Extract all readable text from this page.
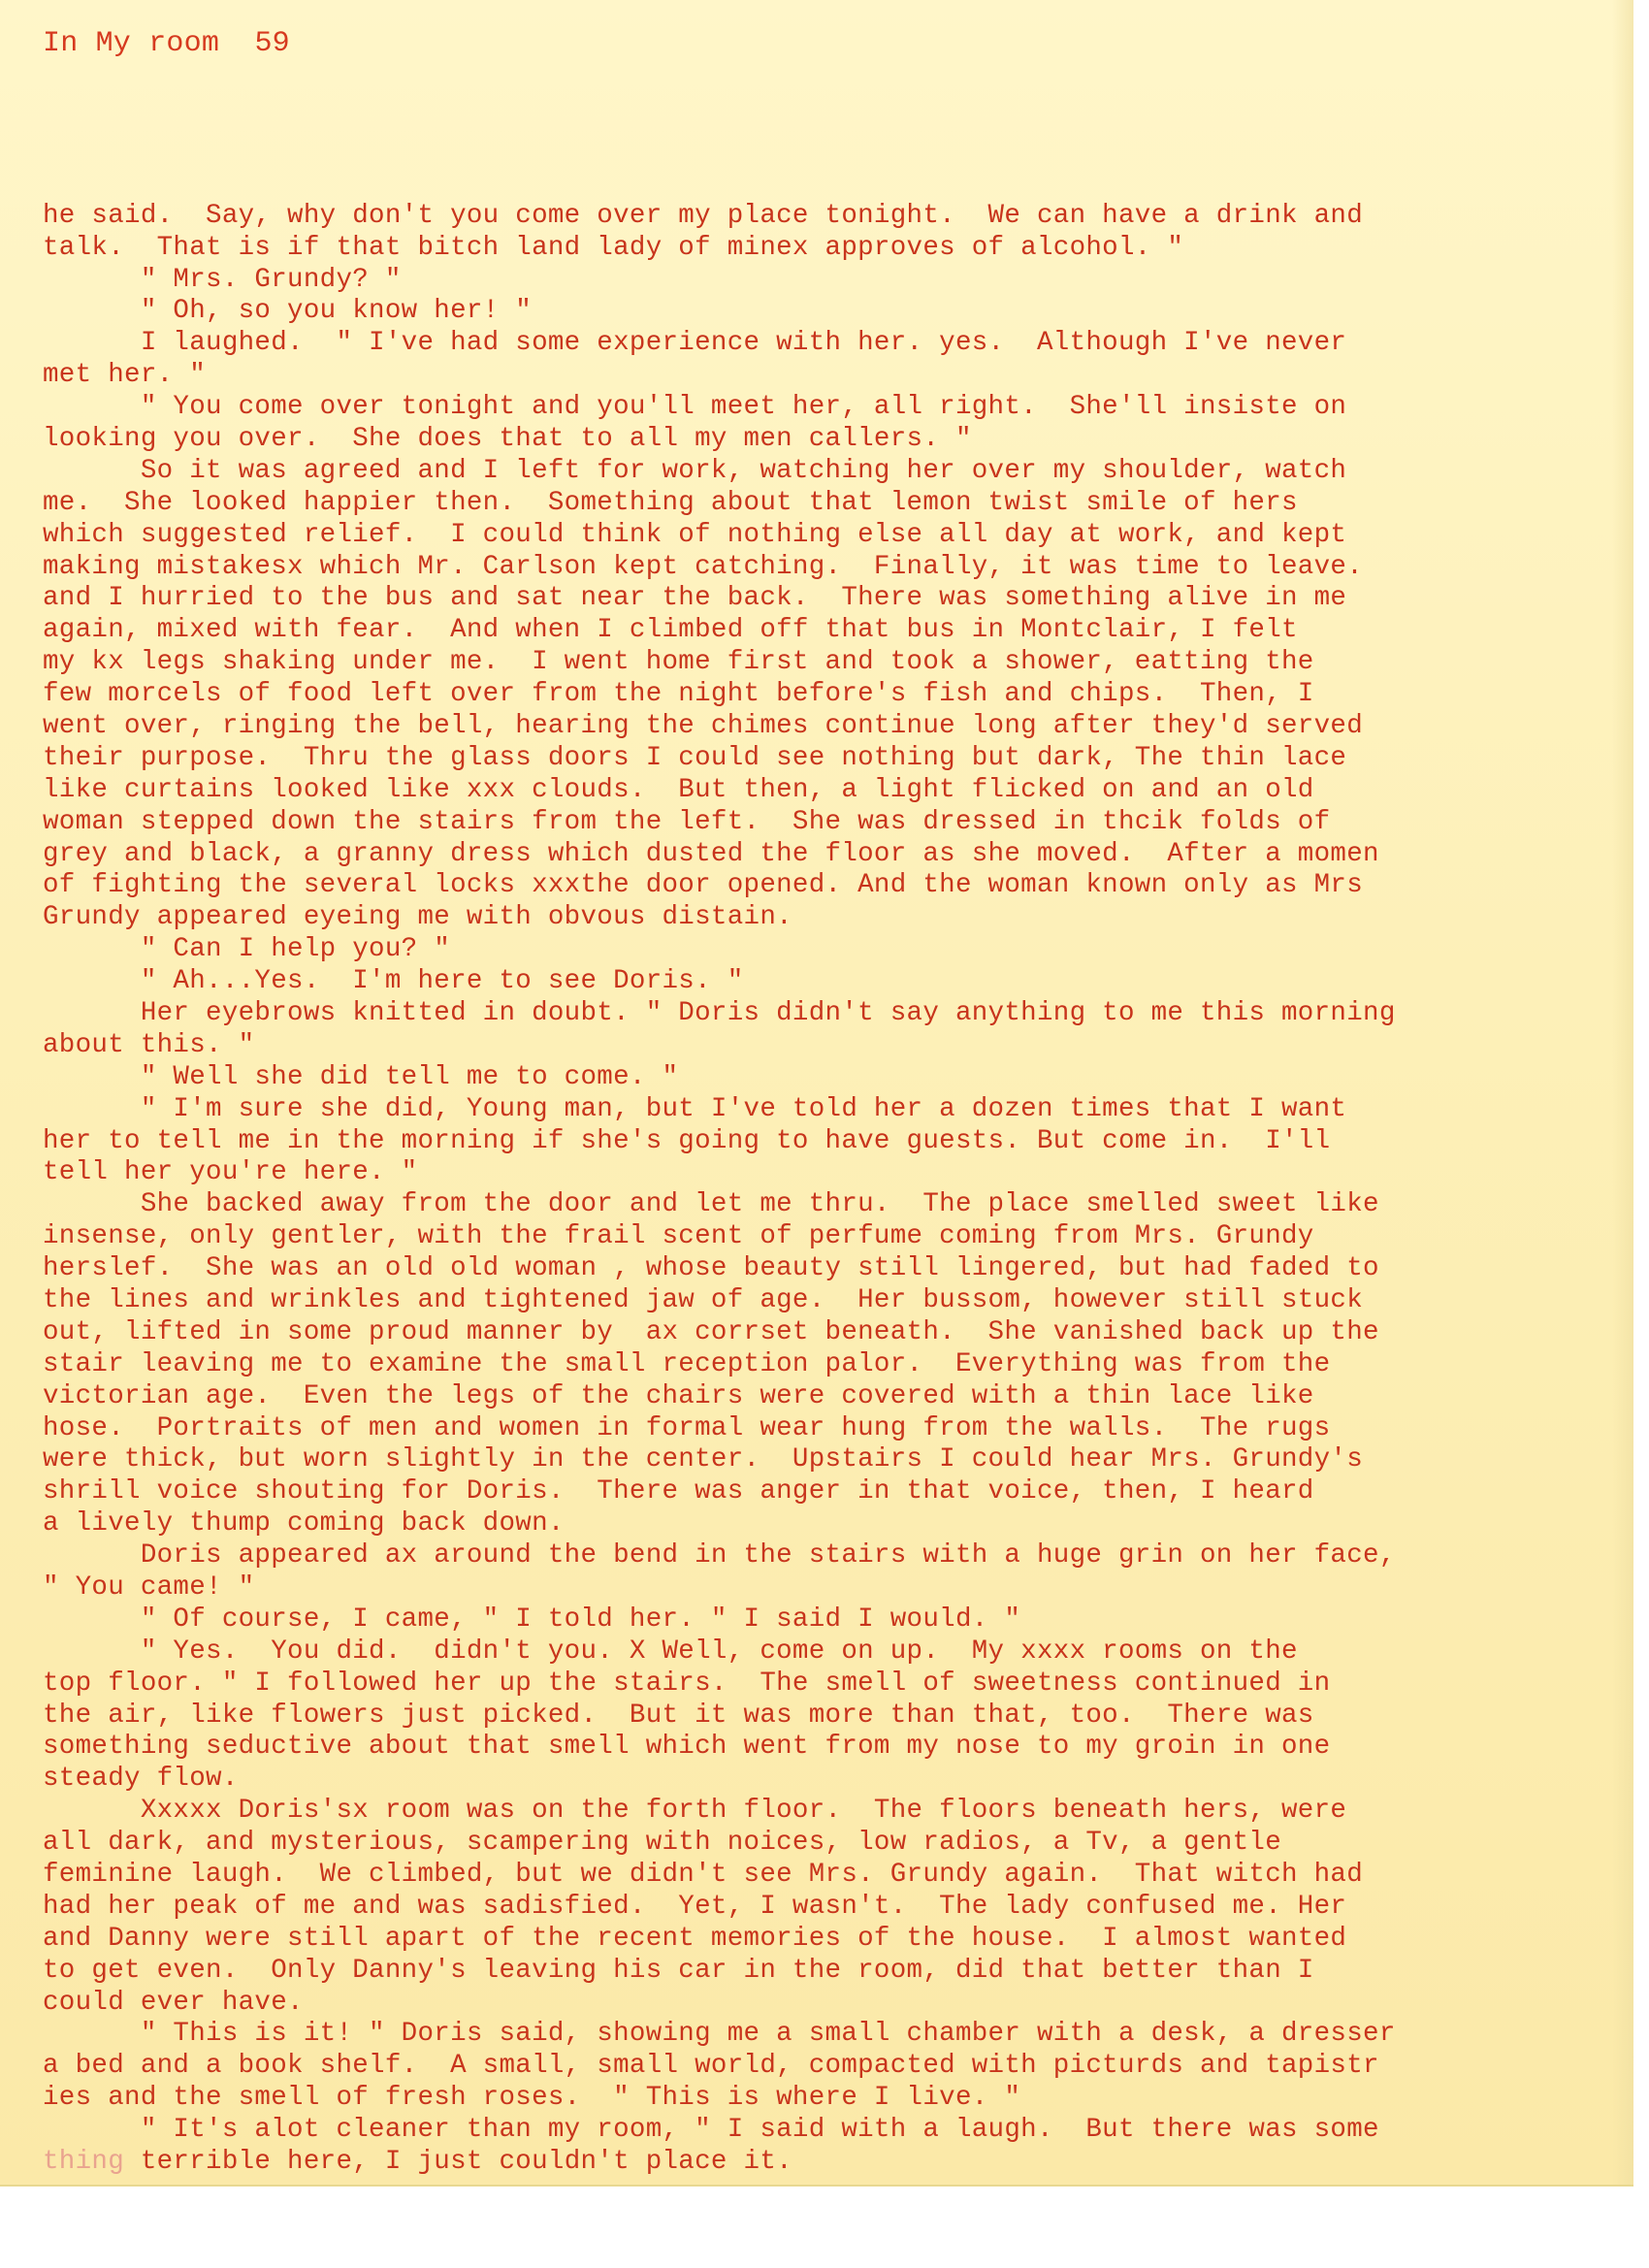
In My room 59

he said.  Say, why don't you come over my place tonight.  We can have a drink and
talk.  That is if that bitch land lady of minex approves of alcohol. "
" Mrs. Grundy? "
" Oh, so you know her! "
I laughed.  " I've had some experience with her. yes.  Although I've never
met her. "
" You come over tonight and you'll meet her, all right.  She'll insiste on
looking you over.  She does that to all my men callers. "
So it was agreed and I left for work, watching her over my shoulder, watch
me.  She looked happier then.  Something about that lemon twist smile of hers
which suggested relief.  I could think of nothing else all day at work, and kept
making mistakesx which Mr. Carlson kept catching.  Finally, it was time to leave.
and I hurried to the bus and sat near the back.  There was something alive in me
again, mixed with fear.  And when I climbed off that bus in Montclair, I felt
my kx legs shaking under me.  I went home first and took a shower, eatting the
few morcels of food left over from the night before's fish and chips.  Then, I
went over, ringing the bell, hearing the chimes continue long after they'd served
their purpose.  Thru the glass doors I could see nothing but dark, The thin lace
like curtains looked like xxx clouds.  But then, a light flicked on and an old
woman stepped down the stairs from the left.  She was dressed in thcik folds of
grey and black, a granny dress which dusted the floor as she moved.  After a momen
of fighting the several locks xxxthe door opened. And the woman known only as Mrs
Grundy appeared eyeing me with obvous distain.
" Can I help you? "
" Ah...Yes.  I'm here to see Doris. "
Her eyebrows knitted in doubt. " Doris didn't say anything to me this morning
about this. "
" Well she did tell me to come. "
" I'm sure she did, Young man, but I've told her a dozen times that I want
her to tell me in the morning if she's going to have guests. But come in.  I'll
tell her you're here. "
She backed away from the door and let me thru.  The place smelled sweet like
insense, only gentler, with the frail scent of perfume coming from Mrs. Grundy
herslef.  She was an old old woman , whose beauty still lingered, but had faded to
the lines and wrinkles and tightened jaw of age.  Her bussom, however still stuck
out, lifted in some proud manner by  ax corrset beneath.  She vanished back up the
stair leaving me to examine the small reception palor.  Everything was from the
victorian age.  Even the legs of the chairs were covered with a thin lace like
hose.  Portraits of men and women in formal wear hung from the walls.  The rugs
were thick, but worn slightly in the center.  Upstairs I could hear Mrs. Grundy's
shrill voice shouting for Doris.  There was anger in that voice, then, I heard
a lively thump coming back down.
Doris appeared ax around the bend in the stairs with a huge grin on her face,
" You came! "
" Of course, I came, " I told her. " I said I would. "
" Yes.  You did.  didn't you. X Well, come on up.  My xxxx rooms on the
top floor. " I followed her up the stairs.  The smell of sweetness continued in
the air, like flowers just picked.  But it was more than that, too.  There was
something seductive about that smell which went from my nose to my groin in one
steady flow.
Xxxxx Doris'sx room was on the forth floor.  The floors beneath hers, were
all dark, and mysterious, scampering with noices, low radios, a Tv, a gentle
feminine laugh.  We climbed, but we didn't see Mrs. Grundy again.  That witch had
had her peak of me and was sadisfied.  Yet, I wasn't.  The lady confused me. Her
and Danny were still apart of the recent memories of the house.  I almost wanted
to get even.  Only Danny's leaving his car in the room, did that better than I
could ever have.
" This is it! " Doris said, showing me a small chamber with a desk, a dresser
a bed and a book shelf.  A small, small world, compacted with picturds and tapistr
ies and the smell of fresh roses.  " This is where I live. "
" It's alot cleaner than my room, " I said with a laugh.  But there was some
thing terrible here, I just couldn't place it.
